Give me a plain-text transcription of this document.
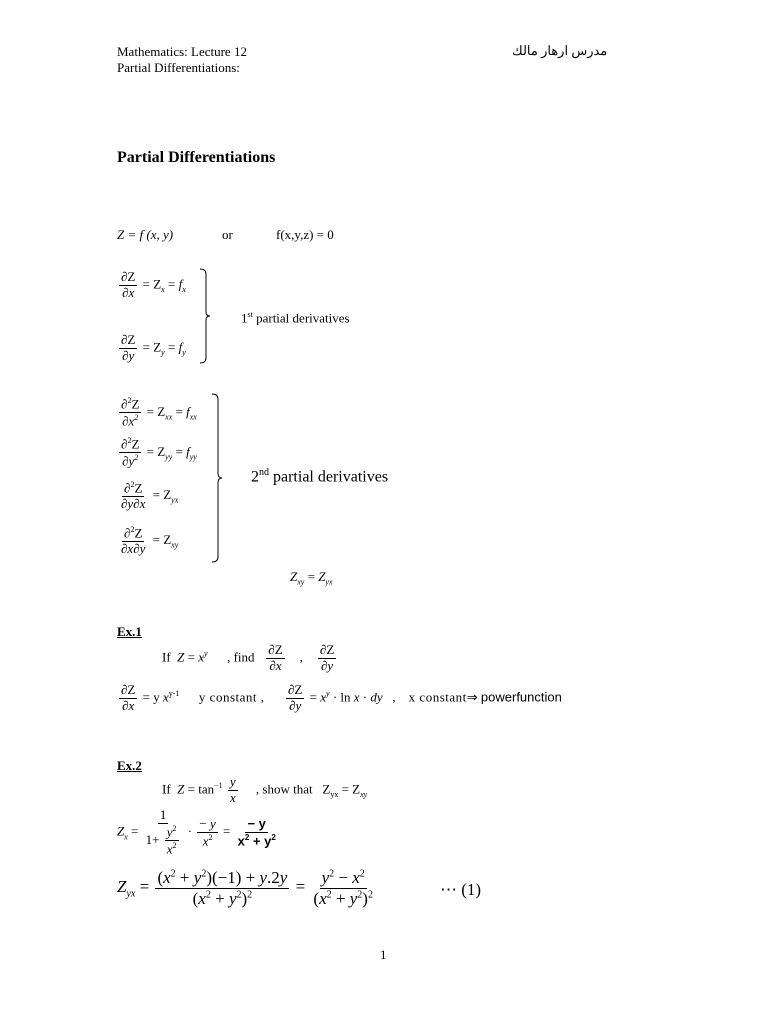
Mathematics: Lecture 12
Partial Differentiations:
مدرس ارهار مالك
Partial Differentiations
Z = f (x, y)	or	f(x,y,z) = 0
$\frac{\partial Z}{\partial x} = Z_x = f_x$
$\frac{\partial Z}{\partial y} = Z_y = f_y$
1st partial derivatives
$\frac{\partial^2Z}{\partial x^2} = Z_{xx} = f_{xx}$
$\frac{\partial^2Z}{\partial y^2} = Z_{yy} = f_{yy}$
$\frac{\partial^2Z}{\partial y\partial x} = Z_{yx}$
$\frac{\partial^2Z}{\partial x\partial y} = Z_{xy}$
2nd partial derivatives
$Z_{xy} = Z_{yx}$
Ex.1
If $Z = x^y$ , find $\frac{\partial Z}{\partial x}$ , $\frac{\partial Z}{\partial y}$
$\frac{\partial Z}{\partial x} = y$ $x^{y-1}$ y constant , $\frac{\partial Z}{\partial y} = x^y \cdot \ln x$ · dy   ,    x constant⇒ powerfunction
Ex.2
If $Z = \tan^{-1} \frac{y}{x}$ , show that   $Z_{yx} = Z_{xy}$
$Z_x = \frac{1}{1+ \frac{y^2}{x^2}} \cdot \frac{- y}{x^2} = \frac{- y}{x^2 + y^2}$
$Z_{yx} = \frac{(x^2 + y^2)(-1) + y.2y}{(x^2 + y^2)^2} = \frac{y^2 - x^2}{(x^2 + y^2)^2}$	⋯ (1)
1
